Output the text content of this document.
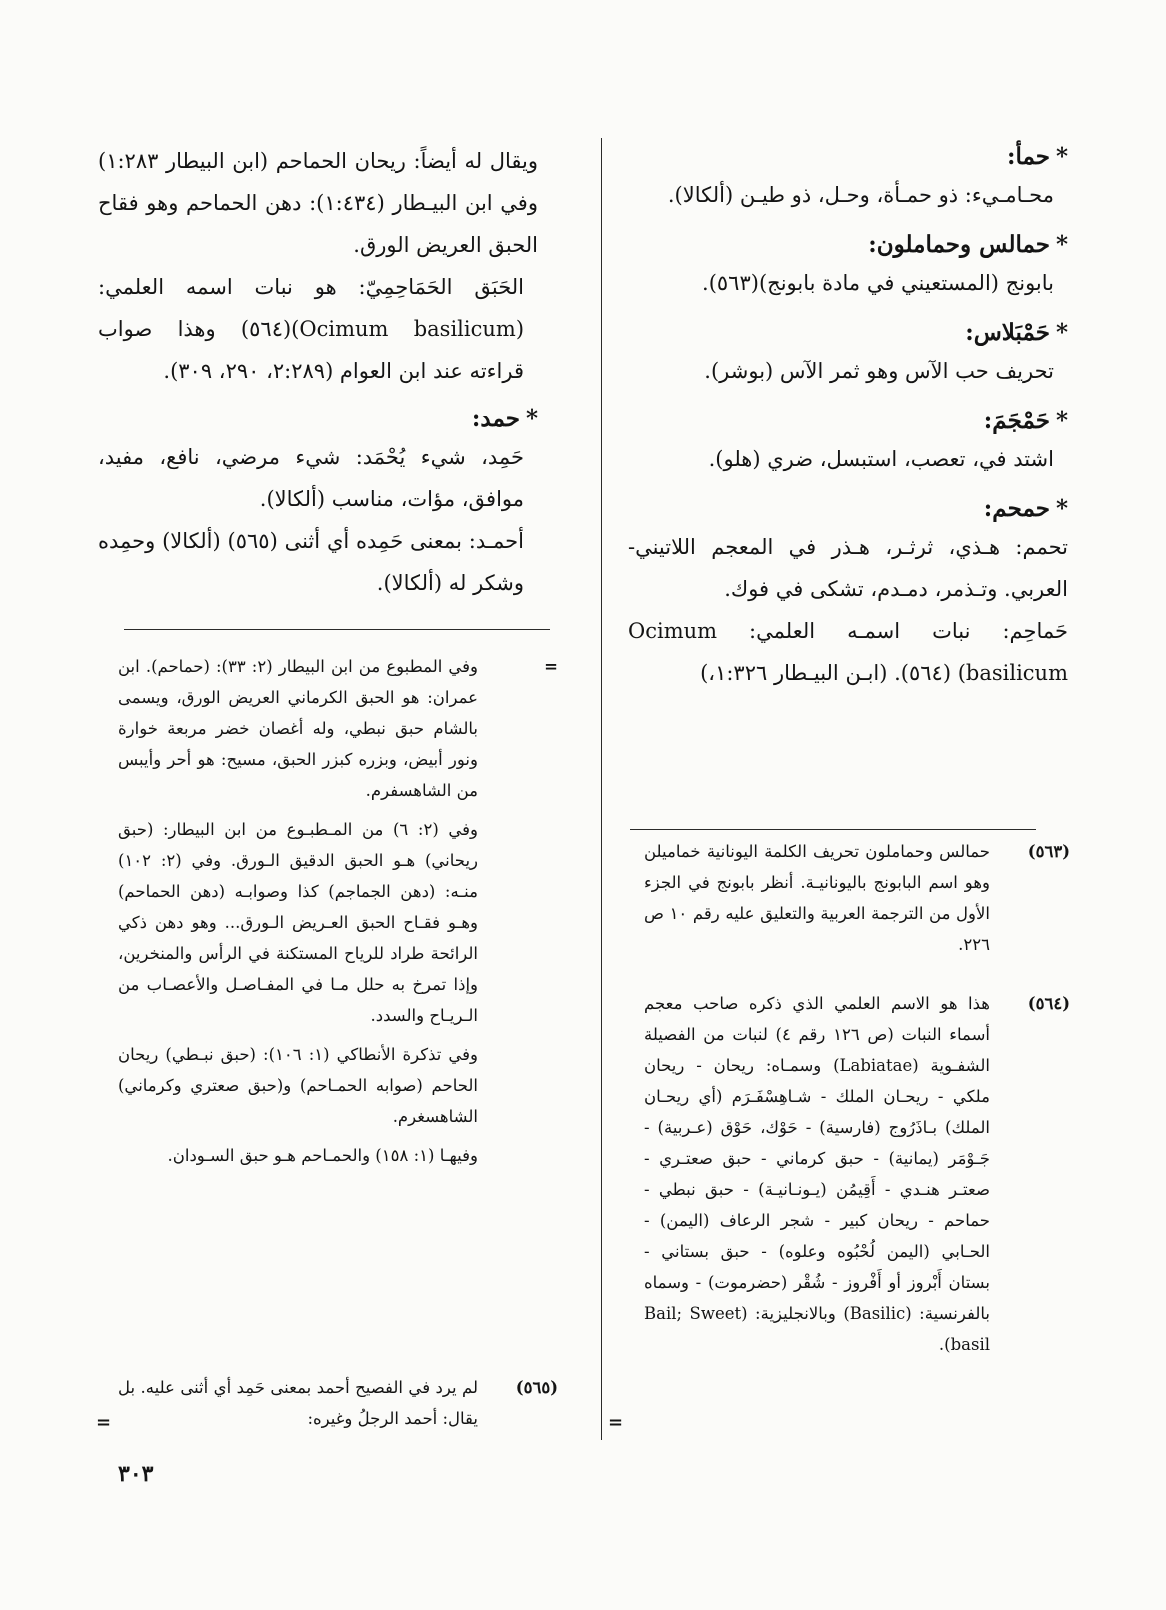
*حمأ:

محـامـيء: ذو حمـأة، وحـل، ذو طيـن (ألكالا).

*حمالس وحماملون:

بابونج (المستعيني في مادة بابونج)(٥٦٣).

*حَمْبَلاس:

تحريف حب الآس وهو ثمر الآس (بوشر).

*حَمْجَمَ:

اشتد في، تعصب، استبسل، ضري (هلو).

*حمحم:

تحمم: هـذي، ثرثـر، هـذر في المعجم اللاتيني-العربي. وتـذمر، دمـدم، تشكى في فوك.

حَماحِم: نبات اسمـه العلمي: Ocimum (basilicum (٥٦٤). (ابـن البيـطار ١:٣٢٦،)

ويقال له أيضاً: ريحان الحماحم (ابن البيطار ١:٢٨٣) وفي ابن البيـطار (١:٤٣٤): دهن الحماحم وهو فقاح الحبق العريض الورق.

الحَبَق الحَمَاحِمِيّ: هو نبات اسمه العلمي: (Ocimum basilicum)(٥٦٤) وهذا صواب قراءته عند ابن العوام (٢:٢٨٩، ٢٩٠، ٣٠٩).

*حمد:

حَمِد، شيء يُحْمَد: شيء مرضي، نافع، مفيد، موافق، مؤات، مناسب (ألكالا).

أحمـد: بمعنى حَمِده أي أثنى (٥٦٥) (ألكالا) وحمِده وشكر له (ألكالا).

(٥٦٣)

حمالس وحماملون تحريف الكلمة اليونانية خماميلن وهو اسم البابونج باليونانيـة. أنظر بابونج في الجزء الأول من الترجمة العربية والتعليق عليه رقم ١٠ ص ٢٢٦.

(٥٦٤)

هذا هو الاسم العلمي الذي ذكره صاحب معجم أسماء النبات (ص ١٢٦ رقم ٤) لنبات من الفصيلة الشفـوية (Labiatae) وسمـاه: ريحان - ريحان ملكي - ريحـان الملك - شـاهِسْفَـرَم (أي ريحـان الملك) بـاذَرُوج (فارسية) - حَوْك، حَوْق (عـربية) - جَـوْمَر (يمانية) - حبق كرماني - حبق صعتـري - صعتـر هنـدي - أَقِيمُن (يـونـانيـة) - حبق نبطي - حماحم - ريحان كبير - شجر الرعاف (اليمن) - الحـابي (اليمن لُحْبُوه وعلوه) - حبق بستاني - بستان أَبْروز أو أَفْروز - شُقْر (حضرموت) - وسماه بالفرنسية: (Basilic) وبالانجليزية: (Bail; Sweet basil).

=

وفي المطبوع من ابن البيطار (٢: ٣٣): (حماحم). ابن عمران: هو الحبق الكرماني العريض الورق، ويسمى بالشام حبق نبطي، وله أغصان خضر مربعة خوارة ونور أبيض، وبزره كبزر الحبق، مسيح: هو أحر وأيبس من الشاهسفرم.

وفي (٢: ٦) من المـطبـوع من ابن البيطار: (حبق ريحاني) هـو الحبق الدقيق الـورق. وفي (٢: ١٠٢) منـه: (دهن الجماجم) كذا وصوابـه (دهن الحماحم) وهـو فقـاح الحبق العـريض الـورق... وهو دهن ذكي الرائحة طراد للرياح المستكنة في الرأس والمنخرين، وإذا تمرخ به حلل مـا في المفـاصـل والأعصـاب من الـريـاح والسدد.

وفي تذكرة الأنطاكي (١: ١٠٦): (حبق نبـطي) ريحان الحاحم (صوابه الحمـاحم) و(حبق صعتري وكرماني) الشاهسغرم.

وفيهـا (١: ١٥٨) والحمـاحم هـو حبق السـودان.

(٥٦٥)

لم يرد في الفصيح أحمد بمعنى حَمِد أي أثنى عليه. بل يقال: أحمد الرجلُ وغيره:

=	=
٣٠٣
